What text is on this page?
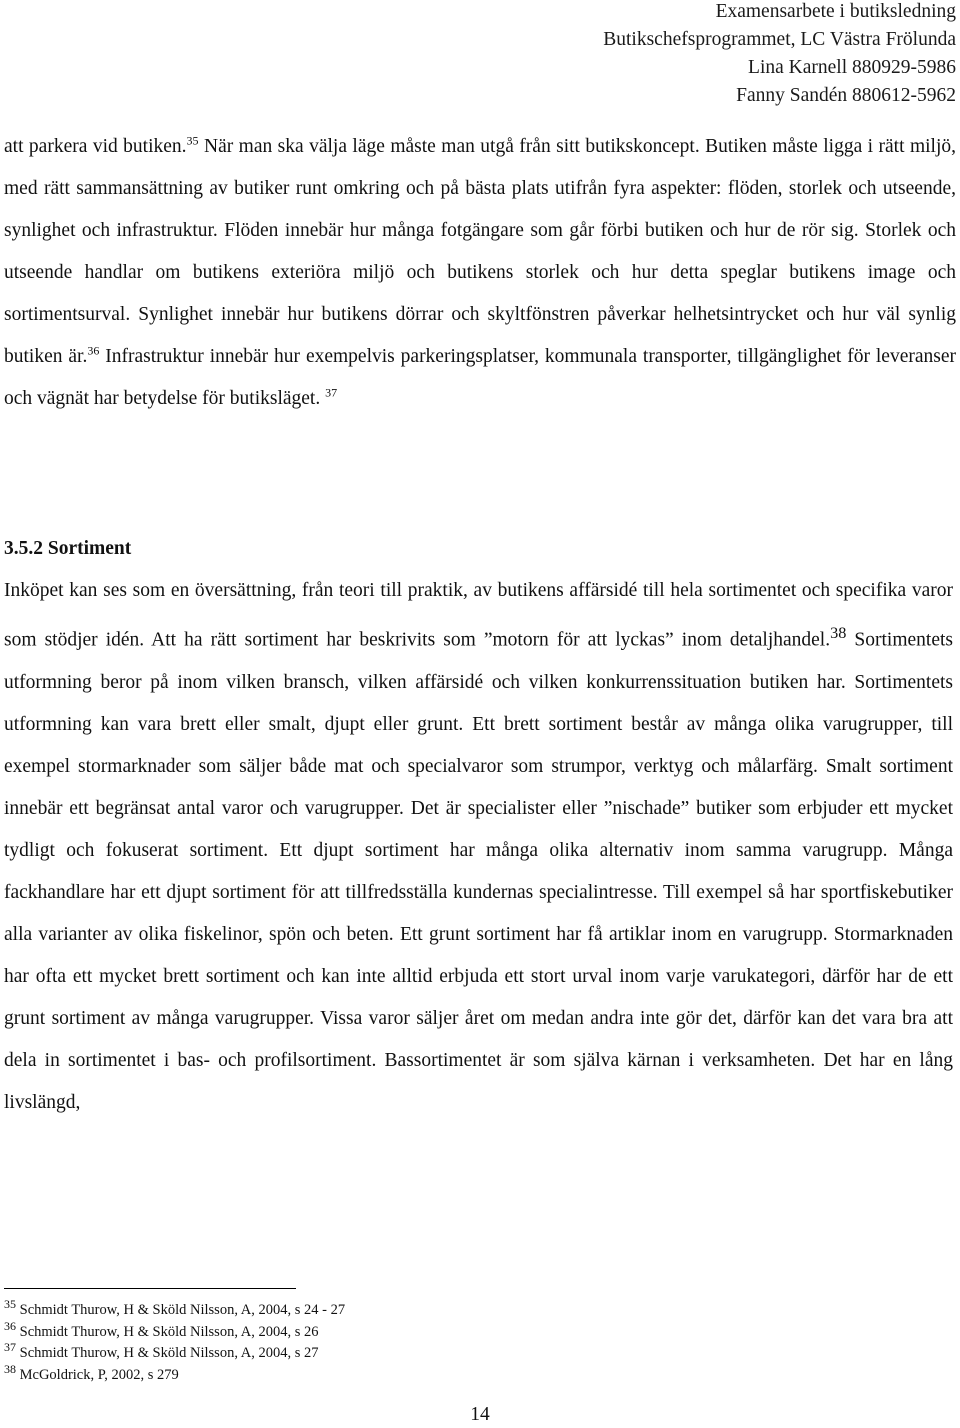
Examensarbete i butiksledning
Butikschefsprogrammet, LC Västra Frölunda
Lina Karnell 880929-5986
Fanny Sandén 880612-5962

att parkera vid butiken.$^{35}$ När man ska välja läge måste man utgå från sitt butikskoncept. Butiken måste ligga i rätt miljö, med rätt sammansättning av butiker runt omkring och på bästa plats utifrån fyra aspekter: flöden, storlek och utseende, synlighet och infrastruktur. Flöden innebär hur många fotgängare som går förbi butiken och hur de rör sig. Storlek och utseende handlar om butikens exteriöra miljö och butikens storlek och hur detta speglar butikens image och sortimentsurval. Synlighet innebär hur butikens dörrar och skyltfönstren påverkar helhetsintrycket och hur väl synlig butiken är.$^{36}$ Infrastruktur innebär hur exempelvis parkeringsplatser, kommunala transporter, tillgänglighet för leveranser och vägnät har betydelse för butiksläget. $^{37}$

3.5.2 Sortiment

Inköpet kan ses som en översättning, från teori till praktik, av butikens affärsidé till hela sortimentet och specifika varor som stödjer idén. Att ha rätt sortiment har beskrivits som ”motorn för att lyckas” inom detaljhandel.$^{38}$ Sortimentets utformning beror på inom vilken bransch, vilken affärsidé och vilken konkurrenssituation butiken har. Sortimentets utformning kan vara brett eller smalt, djupt eller grunt. Ett brett sortiment består av många olika varugrupper, till exempel stormarknader som säljer både mat och specialvaror som strumpor, verktyg och målarfärg. Smalt sortiment innebär ett begränsat antal varor och varugrupper. Det är specialister eller ”nischade” butiker som erbjuder ett mycket tydligt och fokuserat sortiment. Ett djupt sortiment har många olika alternativ inom samma varugrupp. Många fackhandlare har ett djupt sortiment för att tillfredsställa kundernas specialintresse. Till exempel så har sportfiskebutiker alla varianter av olika fiskelinor, spön och beten. Ett grunt sortiment har få artiklar inom en varugrupp. Stormarknaden har ofta ett mycket brett sortiment och kan inte alltid erbjuda ett stort urval inom varje varukategori, därför har de ett grunt sortiment av många varugrupper. Vissa varor säljer året om medan andra inte gör det, därför kan det vara bra att dela in sortimentet i bas- och profilsortiment. Bassortimentet är som själva kärnan i verksamheten. Det har en lång livslängd,

$^{35}$ Schmidt Thurow, H & Sköld Nilsson, A, 2004, s 24 - 27
$^{36}$ Schmidt Thurow, H & Sköld Nilsson, A, 2004, s 26
$^{37}$ Schmidt Thurow, H & Sköld Nilsson, A, 2004, s 27
$^{38}$ McGoldrick, P, 2002, s 279
14
